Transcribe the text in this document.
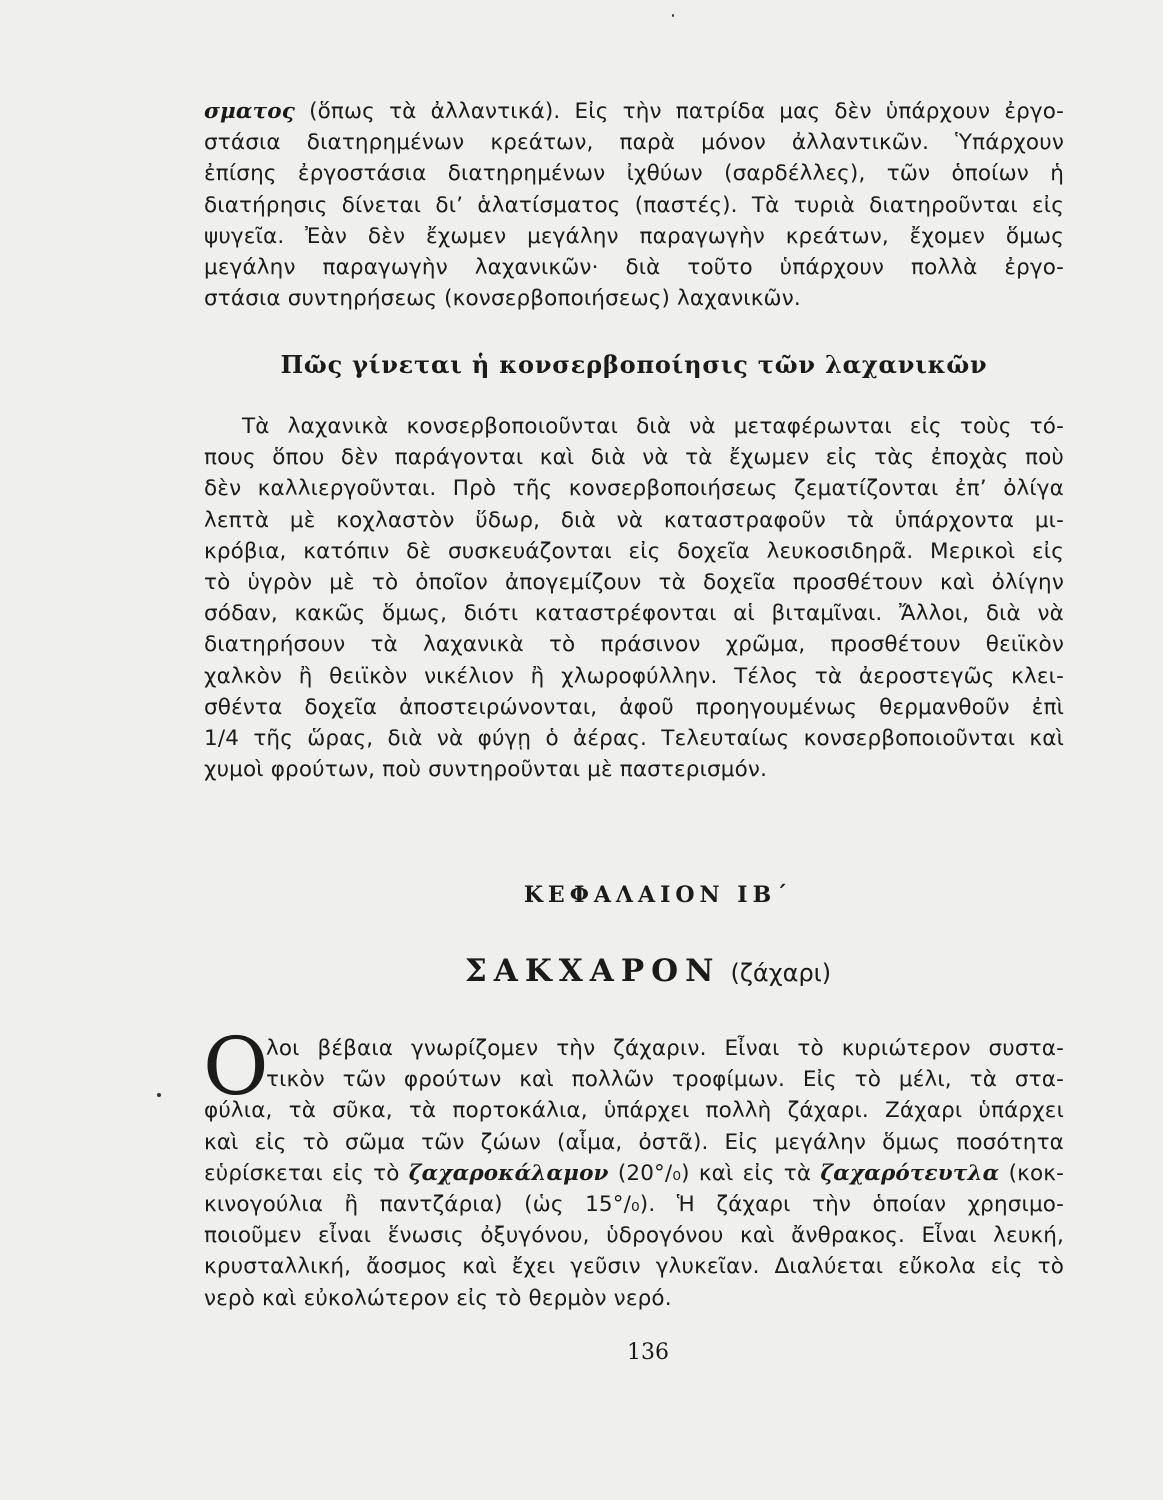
σματος (ὅπως τὰ ἀλλαντικά). Εἰς τὴν πατρίδα μας δὲν ὑπάρχουν ἐργο-
στάσια διατηρημένων κρεάτων, παρὰ μόνον ἀλλαντικῶν. Ὑπάρχουν
ἐπίσης ἐργοστάσια διατηρημένων ἰχθύων (σαρδέλλες), τῶν ὁποίων ἡ
διατήρησις δίνεται δι’ ἁλατίσματος (παστές). Τὰ τυριὰ διατηροῦνται εἰς
ψυγεῖα. Ἐὰν δὲν ἔχωμεν μεγάλην παραγωγὴν κρεάτων, ἔχομεν ὅμως
μεγάλην παραγωγὴν λαχανικῶν· διὰ τοῦτο ὑπάρχουν πολλὰ ἐργο-
στάσια συντηρήσεως (κονσερβοποιήσεως) λαχανικῶν.
Πῶς γίνεται ἡ κονσερβοποίησις τῶν λαχανικῶν
Τὰ λαχανικὰ κονσερβοποιοῦνται διὰ νὰ μεταφέρωνται εἰς τοὺς τό-
πους ὅπου δὲν παράγονται καὶ διὰ νὰ τὰ ἔχωμεν εἰς τὰς ἐποχὰς ποὺ
δὲν καλλιεργοῦνται. Πρὸ τῆς κονσερβοποιήσεως ζεματίζονται ἐπ’ ὀλίγα
λεπτὰ μὲ κοχλαστὸν ὕδωρ, διὰ νὰ καταστραφοῦν τὰ ὑπάρχοντα μι-
κρόβια, κατόπιν δὲ συσκευάζονται εἰς δοχεῖα λευκοσιδηρᾶ. Μερικοὶ εἰς
τὸ ὑγρὸν μὲ τὸ ὁποῖον ἀπογεμίζουν τὰ δοχεῖα προσθέτουν καὶ ὀλίγην
σόδαν, κακῶς ὅμως, διότι καταστρέφονται αἱ βιταμῖναι. Ἄλλοι, διὰ νὰ
διατηρήσουν τὰ λαχανικὰ τὸ πράσινον χρῶμα, προσθέτουν θειϊκὸν
χαλκὸν ἢ θειϊκὸν νικέλιον ἢ χλωροφύλλην. Τέλος τὰ ἀεροστεγῶς κλει-
σθέντα δοχεῖα ἀποστειρώνονται, ἀφοῦ προηγουμένως θερμανθοῦν ἐπὶ
1/4 τῆς ὥρας, διὰ νὰ φύγῃ ὁ ἀέρας. Τελευταίως κονσερβοποιοῦνται καὶ
χυμοὶ φρούτων, ποὺ συντηροῦνται μὲ παστερισμόν.
ΚΕΦΑΛΑΙΟΝ ΙΒ΄
ΣΑΚΧΑΡΟΝ (ζάχαρι)
Ο
λοι βέβαια γνωρίζομεν τὴν ζάχαριν. Εἶναι τὸ κυριώτερον συστα-
τικὸν τῶν φρούτων καὶ πολλῶν τροφίμων. Εἰς τὸ μέλι, τὰ στα-
φύλια, τὰ σῦκα, τὰ πορτοκάλια, ὑπάρχει πολλὴ ζάχαρι. Ζάχαρι ὑπάρχει
καὶ εἰς τὸ σῶμα τῶν ζώων (αἷμα, ὀστᾶ). Εἰς μεγάλην ὅμως ποσότητα
εὑρίσκεται εἰς τὸ ζαχαροκάλαμον (20°/₀) καὶ εἰς τὰ ζαχαρότευτλα (κοκ-
κινογούλια ἢ παντζάρια) (ὡς 15°/₀). Ἡ ζάχαρι τὴν ὁποίαν χρησιμο-
ποιοῦμεν εἶναι ἕνωσις ὀξυγόνου, ὑδρογόνου καὶ ἄνθρακος. Εἶναι λευκή,
κρυσταλλική, ἄοσμος καὶ ἔχει γεῦσιν γλυκεῖαν. Διαλύεται εὔκολα εἰς τὸ
νερὸ καὶ εὐκολώτερον εἰς τὸ θερμὸν νερό.
136
